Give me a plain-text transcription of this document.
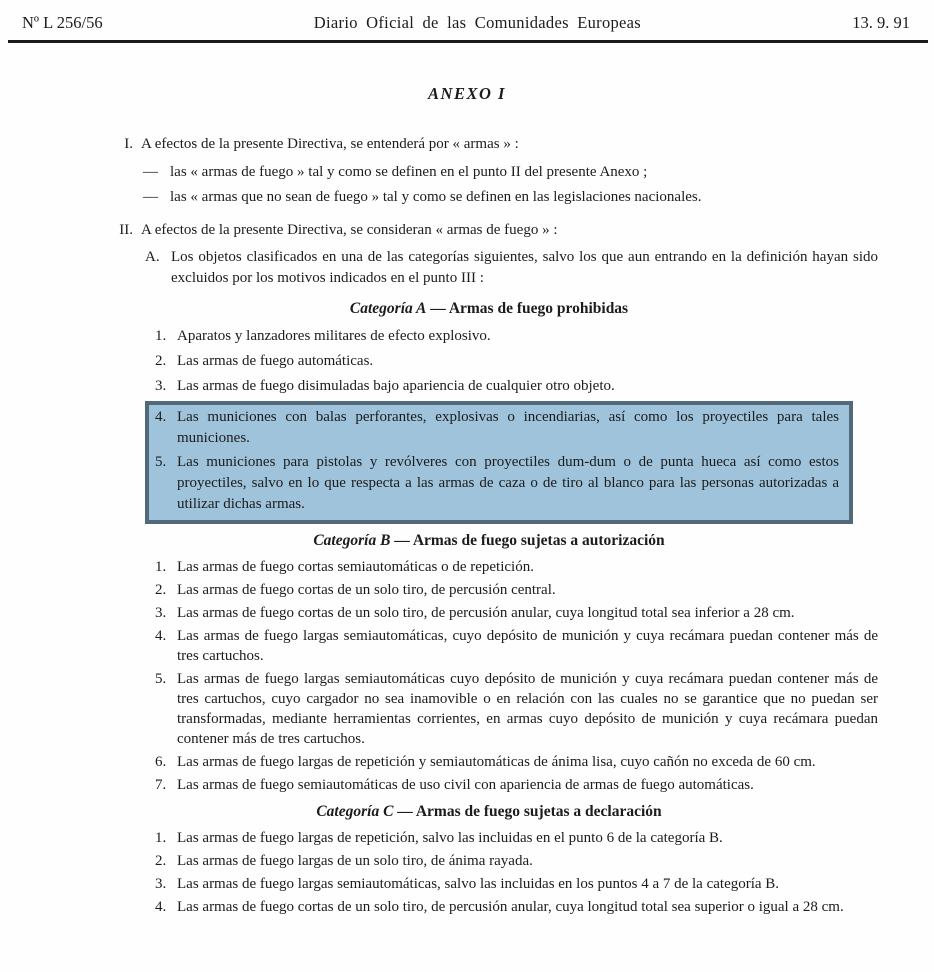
Nº L 256/56	Diario Oficial de las Comunidades Europeas	13. 9. 91
ANEXO I
I. A efectos de la presente Directiva, se entenderá por « armas » :
— las « armas de fuego » tal y como se definen en el punto II del presente Anexo ;
— las « armas que no sean de fuego » tal y como se definen en las legislaciones nacionales.
II. A efectos de la presente Directiva, se consideran « armas de fuego » :
A. Los objetos clasificados en una de las categorías siguientes, salvo los que aun entrando en la definición hayan sido excluidos por los motivos indicados en el punto III :
Categoría A — Armas de fuego prohibidas
1. Aparatos y lanzadores militares de efecto explosivo.
2. Las armas de fuego automáticas.
3. Las armas de fuego disimuladas bajo apariencia de cualquier otro objeto.
4. Las municiones con balas perforantes, explosivas o incendiarias, así como los proyectiles para tales municiones.
5. Las municiones para pistolas y revólveres con proyectiles dum-dum o de punta hueca así como estos proyectiles, salvo en lo que respecta a las armas de caza o de tiro al blanco para las personas autorizadas a utilizar dichas armas.
Categoría B — Armas de fuego sujetas a autorización
1. Las armas de fuego cortas semiautomáticas o de repetición.
2. Las armas de fuego cortas de un solo tiro, de percusión central.
3. Las armas de fuego cortas de un solo tiro, de percusión anular, cuya longitud total sea inferior a 28 cm.
4. Las armas de fuego largas semiautomáticas, cuyo depósito de munición y cuya recámara puedan contener más de tres cartuchos.
5. Las armas de fuego largas semiautomáticas cuyo depósito de munición y cuya recámara puedan contener más de tres cartuchos, cuyo cargador no sea inamovible o en relación con las cuales no se garantice que no puedan ser transformadas, mediante herramientas corrientes, en armas cuyo depósito de munición y cuya recámara puedan contener más de tres cartuchos.
6. Las armas de fuego largas de repetición y semiautomáticas de ánima lisa, cuyo cañón no exceda de 60 cm.
7. Las armas de fuego semiautomáticas de uso civil con apariencia de armas de fuego automáticas.
Categoría C — Armas de fuego sujetas a declaración
1. Las armas de fuego largas de repetición, salvo las incluidas en el punto 6 de la categoría B.
2. Las armas de fuego largas de un solo tiro, de ánima rayada.
3. Las armas de fuego largas semiautomáticas, salvo las incluidas en los puntos 4 a 7 de la categoría B.
4. Las armas de fuego cortas de un solo tiro, de percusión anular, cuya longitud total sea superior o igual a 28 cm.
